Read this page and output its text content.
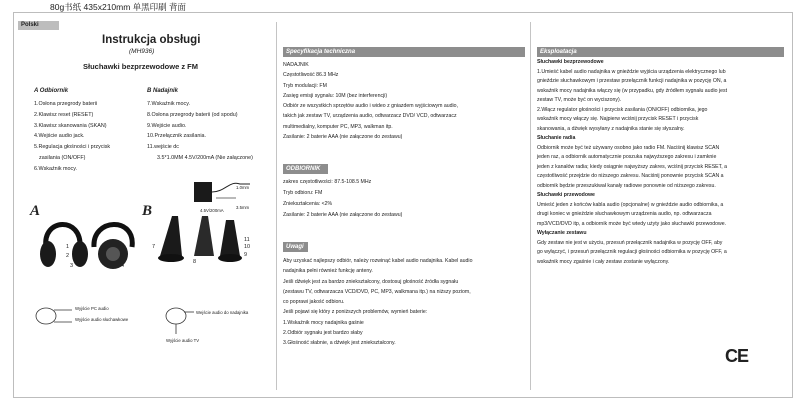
80g书纸 435x210mm 单黑印刷 背面
Polski
Instrukcja obsługi
(MH936)
Słuchawki bezprzewodowe z FM
A Odbiornik
1.Osłona przegrody baterii
2.Klawisz reset (RESET)
3.Klawisz skanowania (SKAN)
4.Wejście audio jack.
5.Regulacja głośności i przycisk
zasilania (ON/OFF)
6.Wskaźnik mocy.
B Nadajnik
7.Wskaźnik mocy.
8.Osłona przegrody baterii (od spodu)
9.Wejście audio.
10.Przełącznik zasilania.
11.wejście dc
3.5*1.0MM 4.5V/200mA (Nie załączone)
4.5V/200mA
1.0mm
3.5mm
A
1
2
3	4
5
6
B
7
8
9
10
11
Wyjście PC audio
Wyjście audio słuchawkowe
Wejście audio do nadajnika
Wyjście audio TV
Specyfikacja techniczna
NADAJNIK
Częstotliwość 86.3 MHz
Tryb modulacji: FM
Zasięg emisji sygnału: 10M (bez interferencji)
Odbiór ze wszystkich sprzętów audio i wideo z gniazdem wyjściowym audio,
takich jak zestaw TV, urządzenia audio, odtwarzacz DVD/ VCD, odtwarzacz
multimedialny, komputer PC, MP3, walkman itp.
Zasilanie: 2 baterie AAA (nie załączone do zestawu)
ODBIORNIK
zakres częstotliwości: 87.5-108.5 MHz
Tryb odbioru: FM
Zniekształcenia: <2%
Zasilanie: 2 baterie AAA (nie załączone do zestawu)
Uwagi
Aby uzyskać najlepszy odbiór, należy rozwinąć kabel audio nadajnika. Kabel audio
nadajnika pełni również funkcję anteny.
Jeśli dźwięk jest za bardzo zniekształcony, dostosuj głośność źródła sygnału
(zestawu TV, odtwarzacza VCD/DVD, PC, MP3, walkmana itp.) na niższy poziom,
co poprawi jakość odbioru.
Jeśli pojawi się który z poniższych problemów, wymień baterie:
1.Wskaźnik mocy nadajnika gaśnie
2.Odbiór sygnału jest bardzo słaby
3.Głośność słabnie, a dźwięk jest zniekształcony.
Eksploatacja
Słuchawki bezprzewodowe
1.Umieść kabel audio nadajnika w gnieździe wyjścia urządzenia elektrycznego lub
gnieździe słuchawkowym i przestaw przełącznik funkcji nadajnika w pozycję ON, a
wskaźnik mocy nadajnika włączy się (w przypadku, gdy źródłem sygnału audio jest
zestaw TV, może być on wyciszony).
2.Włącz regulator głośności i przycisk zasilania (ON/OFF) odbiornika, jego
wskaźnik mocy włączy się. Najpierw wciśnij przycisk RESET i przycisk
skanowania, a dźwięk wysyłany z nadajnika stanie się słyszalny.
Słuchanie radia
Odbiornik może być też używany osobno jako radio FM. Naciśnij klawisz SCAN
jeden raz, a odbiornik automatycznie poszuka najwyższego zakresu i zamknie
jeden z kanałów radia; kiedy osiągnie najwyższy zakres, wciśnij przycisk RESET, a
częstotliwość przejdzie do niższego zakresu. Naciśnij ponownie przycisk SCAN a
odbiornik będzie przeszukiwał kanały radiowe ponownie od niższego zakresu.
Słuchawki przewodowe
Umieść jeden z końców kabla audio (opcjonalne) w gnieździe audio odbiornika, a
drugi koniec w gnieździe słuchawkowym urządzenia audio, np. odtwarzacza
mp3/VCD/DVD itp, a odbiornik może być wtedy użyty jako słuchawki przewodowe.
Wyłączanie zestawu
Gdy zestaw nie jest w użyciu, przesuń przełącznik nadajnika w pozycję OFF, aby
go wyłączyć, i przesuń przełącznik regulacji głośności odbiornika w pozycję OFF, a
wskaźnik mocy zgaśnie i cały zestaw zostanie wyłączony.
CE
